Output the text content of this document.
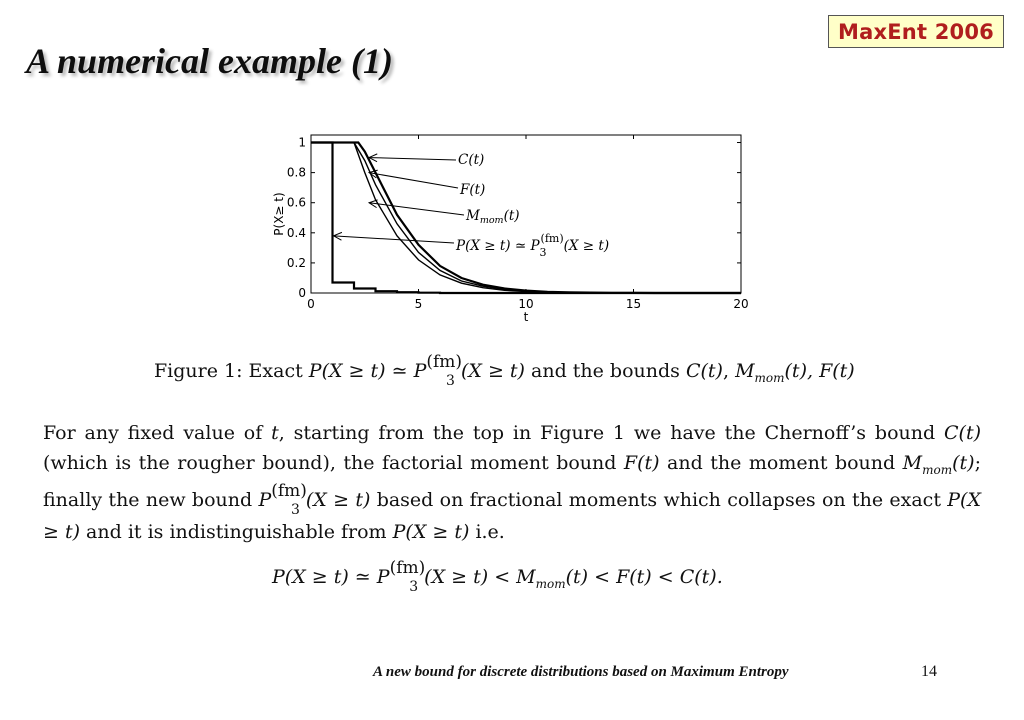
MaxEnt 2006
A numerical example (1)
0	5	10	15	20
0
0.2
0.4
0.6
0.8
1
t
P(X≥ t)
C(t)
F(t)
Mmom(t)
P(X ≥ t) ≃ $P_3(fm)_{(X \ge t)}$
Figure 1: Exact P(X ≥ t) ≃ $P(fm)_3$ (X ≥ t) and the bounds C(t), $M_{mom}(t)$, F(t)

For any fixed value of t, starting from the top in Figure 1 we have the Chernoff’s bound C(t) (which is the rougher bound), the factorial moment bound F(t) and the moment bound $M_{mom}(t)$; finally the new bound $P(fm)_3$ (X ≥ t) based on fractional moments which collapses on the exact P(X ≥ t) and it is indistinguishable from P(X ≥ t) i.e.

P(X ≥ t) ≃ $P(fm)_3$ $(X \ge t) < M_{mom}(t) < F(t) < C(t)$.
A new bound for discrete distributions based on Maximum Entropy	14
